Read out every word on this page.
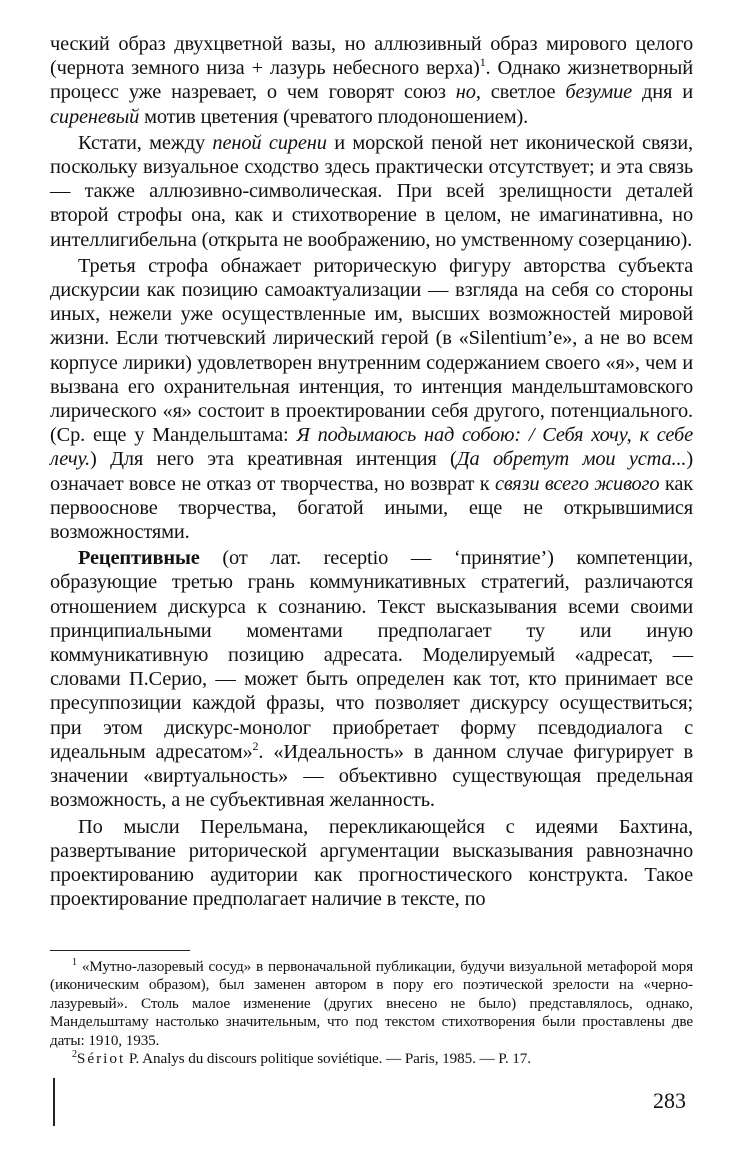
ческий образ двухцветной вазы, но аллюзивный образ мирового целого (чернота земного низа + лазурь небесного верха)$^1$. Однако жизнетворный процесс уже назревает, о чем говорят союз но, светлое безумие дня и сиреневый мотив цветения (чреватого плодоношением).

Кстати, между пеной сирени и морской пеной нет иконической связи, поскольку визуальное сходство здесь практически отсутствует; и эта связь — также аллюзивно-символическая. При всей зрелищности деталей второй строфы она, как и стихотворение в целом, не имагинативна, но интеллигибельна (открыта не воображению, но умственному созерцанию).

Третья строфа обнажает риторическую фигуру авторства субъекта дискурсии как позицию самоактуализации — взгляда на себя со стороны иных, нежели уже осуществленные им, высших возможностей мировой жизни. Если тютчевский лирический герой (в «Silentium’е», а не во всем корпусе лирики) удовлетворен внутренним содержанием своего «я», чем и вызвана его охранительная интенция, то интенция мандельштамовского лирического «я» состоит в проектировании себя другого, потенциального. (Ср. еще у Мандельштама: Я подымаюсь над собою: / Себя хочу, к себе лечу.) Для него эта креативная интенция (Да обретут мои уста...) означает вовсе не отказ от творчества, но возврат к связи всего живого как первооснове творчества, богатой иными, еще не открывшимися возможностями.

Рецептивные (от лат. receptio — ‘принятие’) компетенции, образующие третью грань коммуникативных стратегий, различаются отношением дискурса к сознанию. Текст высказывания всеми своими принципиальными моментами предполагает ту или иную коммуникативную позицию адресата. Моделируемый «адресат, — словами П.Серио, — может быть определен как тот, кто принимает все пресуппозиции каждой фразы, что позволяет дискурсу осуществиться; при этом дискурс-монолог приобретает форму псевдодиалога с идеальным адресатом»$^2$. «Идеальность» в данном случае фигурирует в значении «виртуальность» — объективно существующая предельная возможность, а не субъективная желанность.

По мысли Перельмана, перекликающейся с идеями Бахтина, развертывание риторической аргументации высказывания равнозначно проектированию аудитории как прогностического конструкта. Такое проектирование предполагает наличие в тексте, по

$^1$ «Мутно-лазоревый сосуд» в первоначальной публикации, будучи визуальной метафорой моря (иконическим образом), был заменен автором в пору его поэтической зрелости на «черно-лазуревый». Столь малое изменение (других внесено не было) представлялось, однако, Мандельштаму настолько значительным, что под текстом стихотворения были проставлены две даты: 1910, 1935.

$^2$Sériot P. Analys du discours politique soviétique. — Paris, 1985. — P. 17.

283
